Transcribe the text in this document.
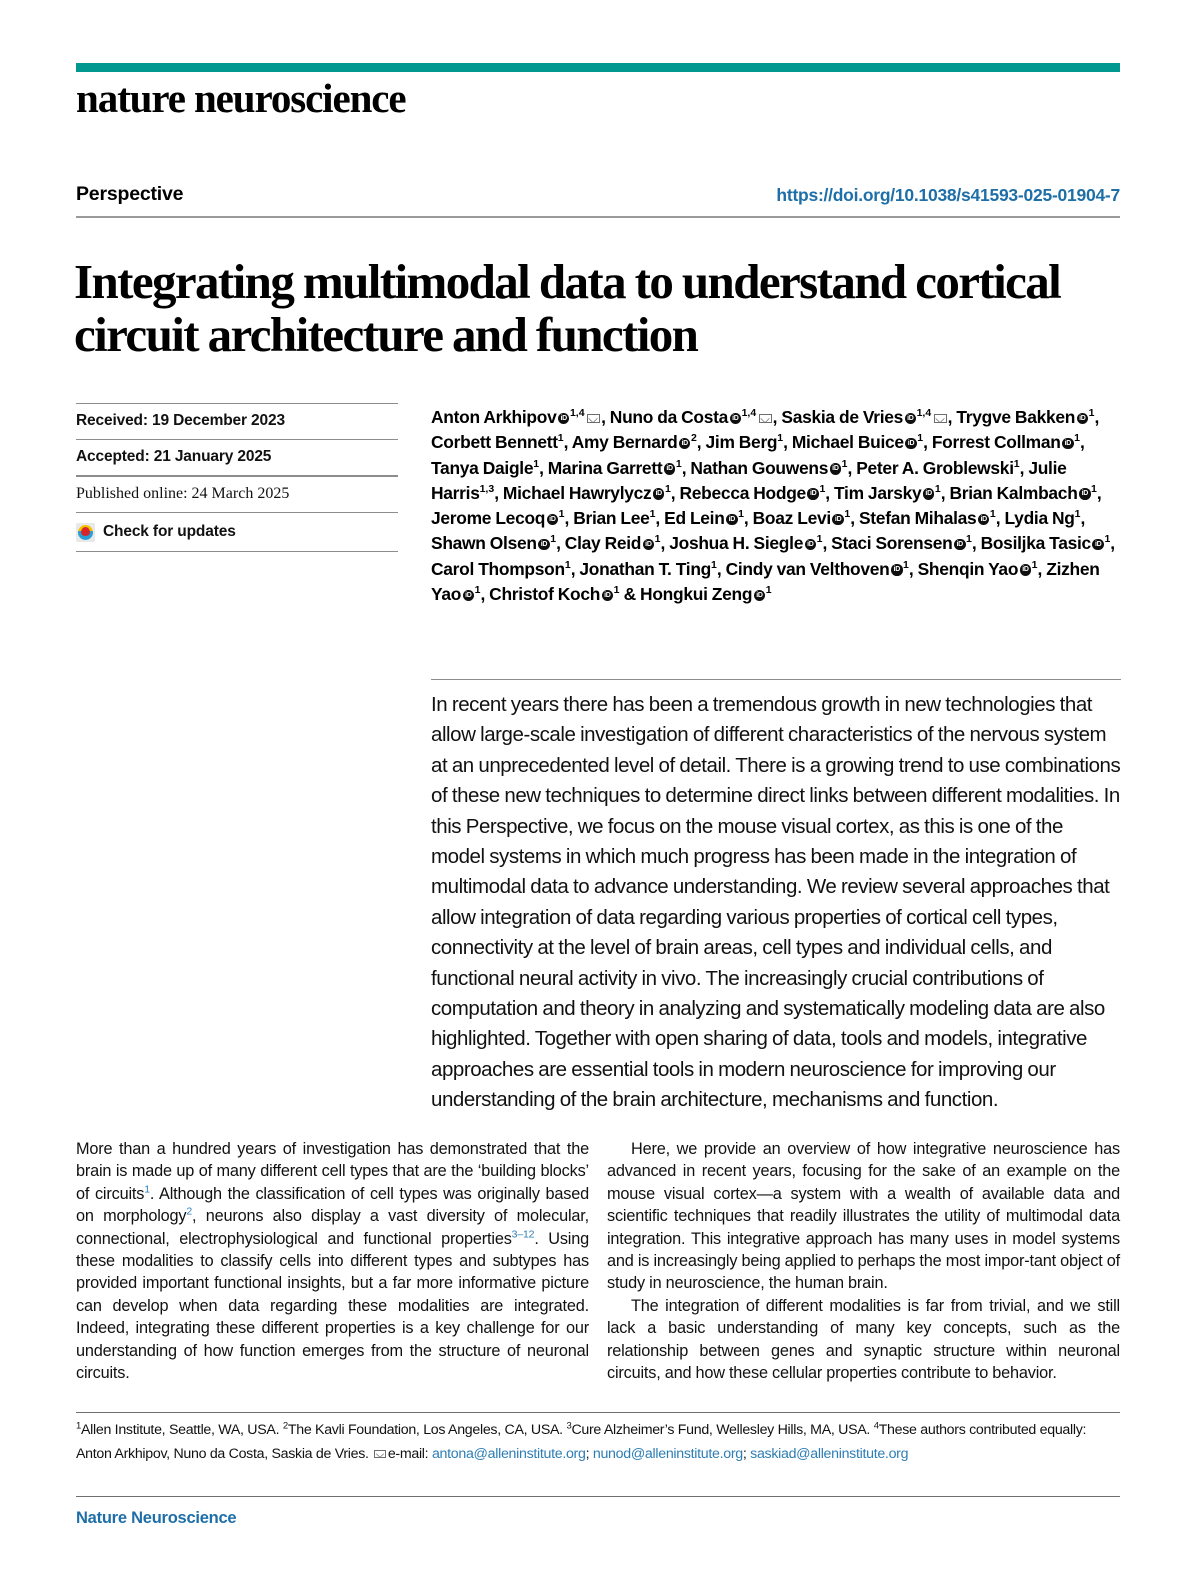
nature neuroscience
Perspective	https://doi.org/10.1038/s41593-025-01904-7
Integrating multimodal data to understand cortical circuit architecture and function
Received: 19 December 2023
Accepted: 21 January 2025
Published online: 24 March 2025
Check for updates
Anton Arkhipov iD $^{1,4}$ , Nuno da Costa iD $^{1,4}$ , Saskia de Vries iD $^{1,4}$ , Trygve Bakken iD $^1$, Corbett Bennett$^1$, Amy Bernard iD $^2$, Jim Berg$^1$, Michael Buice iD $^1$, Forrest Collman iD $^1$, Tanya Daigle$^1$, Marina Garrett iD $^1$, Nathan Gouwens iD $^1$, Peter A. Groblewski$^1$, Julie Harris$^{1,3}$, Michael Hawrylycz iD $^1$, Rebecca HodgeiD $^1$, Tim Jarsky iD $^1$, Brian Kalmbach iD $^1$, Jerome Lecoq iD $^1$, Brian Lee$^1$, Ed Lein iD $^1$, Boaz Levi iD $^1$, Stefan Mihalas iD $^1$, Lydia Ng$^1$, Shawn Olsen iD $^1$, Clay Reid iD $^1$, Joshua H. Siegle iD $^1$, Staci Sorensen iD $^1$, Bosiljka Tasic iD $^1$, Carol Thompson$^1$, Jonathan T. Ting$^1$, Cindy van Velthoven iD $^1$, Shenqin Yao iD $^1$, Zizhen Yao iD $^1$, Christof Koch iD $^1$ & Hongkui Zeng iD $^1$
In recent years there has been a tremendous growth in new technologies that allow large-scale investigation of different characteristics of the nervous system at an unprecedented level of detail. There is a growing trend to use combinations of these new techniques to determine direct links between different modalities. In this Perspective, we focus on the mouse visual cortex, as this is one of the model systems in which much progress has been made in the integration of multimodal data to advance understanding. We review several approaches that allow integration of data regarding various properties of cortical cell types, connectivity at the level of brain areas, cell types and individual cells, and functional neural activity in vivo. The increasingly crucial contributions of computation and theory in analyzing and systematically modeling data are also highlighted. Together with open sharing of data, tools and models, integrative approaches are essential tools in modern neuroscience for improving our understanding of the brain architecture, mechanisms and function.

More than a hundred years of investigation has demonstrated that the brain is made up of many different cell types that are the ‘building blocks’ of circuits$^1$. Although the classification of cell types was originally based on morphology$^2$, neurons also display a vast diversity of molecular, connectional, electrophysiological and functional properties$^{3-12}$. Using these modalities to classify cells into different types and subtypes has provided important functional insights, but a far more informative picture can develop when data regarding these modalities are integrated. Indeed, integrating these different properties is a key challenge for our understanding of how function emerges from the structure of neuronal circuits.

Here, we provide an overview of how integrative neuroscience has advanced in recent years, focusing for the sake of an example on the mouse visual cortex—a system with a wealth of available data and scientific techniques that readily illustrates the utility of multimodal data integration. This integrative approach has many uses in model systems and is increasingly being applied to perhaps the most impor-tant object of study in neuroscience, the human brain.

The integration of different modalities is far from trivial, and we still lack a basic understanding of many key concepts, such as the relationship between genes and synaptic structure within neuronal circuits, and how these cellular properties contribute to behavior.

$^1$Allen Institute, Seattle, WA, USA. $^2$The Kavli Foundation, Los Angeles, CA, USA. $^3$Cure Alzheimer’s Fund, Wellesley Hills, MA, USA. $^4$These authors contributed equally: Anton Arkhipov, Nuno da Costa, Saskia de Vries. e-mail: antona@alleninstitute.org; nunod@alleninstitute.org; saskiad@alleninstitute.org
Nature Neuroscience
